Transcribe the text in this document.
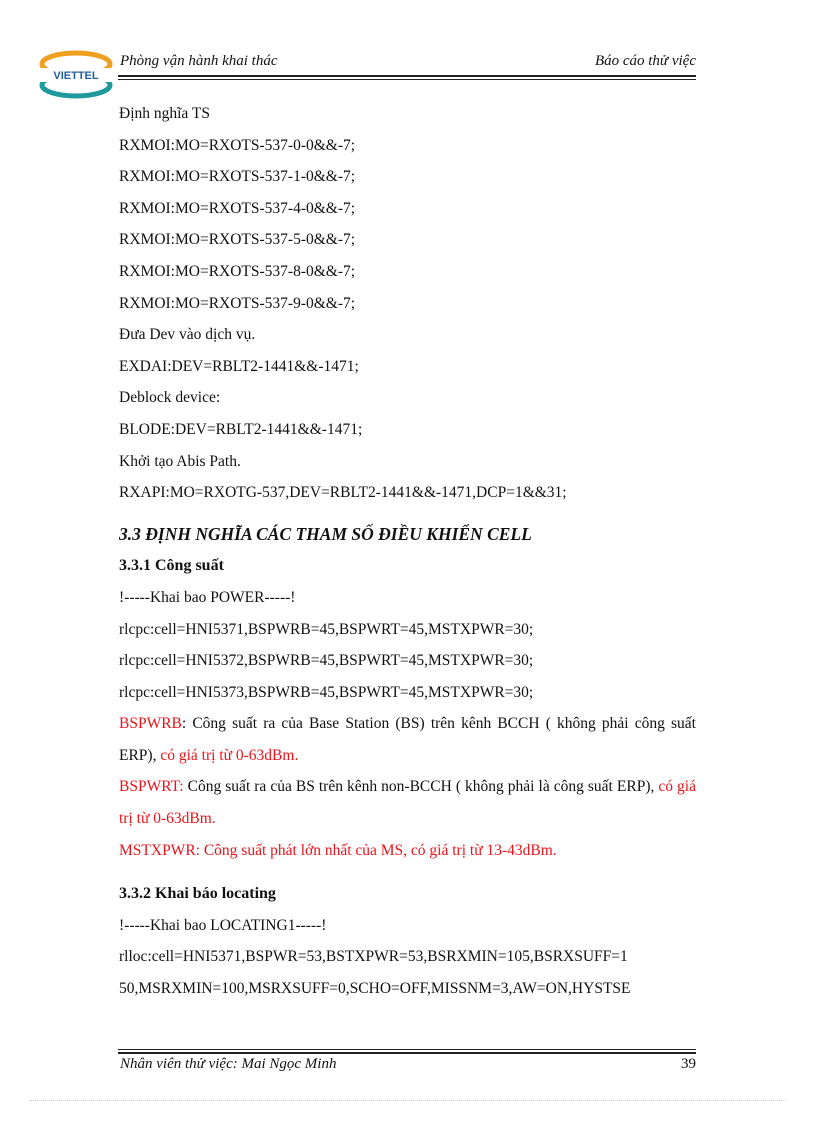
VIETTEL
Phòng vận hành khai thác	Báo cáo thử việc
Định nghĩa TS
RXMOI:MO=RXOTS-537-0-0&&-7;
RXMOI:MO=RXOTS-537-1-0&&-7;
RXMOI:MO=RXOTS-537-4-0&&-7;
RXMOI:MO=RXOTS-537-5-0&&-7;
RXMOI:MO=RXOTS-537-8-0&&-7;
RXMOI:MO=RXOTS-537-9-0&&-7;
Đưa Dev vào dịch vụ.
EXDAI:DEV=RBLT2-1441&&-1471;
Deblock device:
BLODE:DEV=RBLT2-1441&&-1471;
Khởi tạo Abis Path.
RXAPI:MO=RXOTG-537,DEV=RBLT2-1441&&-1471,DCP=1&&31;
3.3 ĐỊNH NGHĨA CÁC THAM SỐ ĐIỀU KHIỂN CELL
3.3.1 Công suất
!-----Khai bao POWER-----!
rlcpc:cell=HNI5371,BSPWRB=45,BSPWRT=45,MSTXPWR=30;
rlcpc:cell=HNI5372,BSPWRB=45,BSPWRT=45,MSTXPWR=30;
rlcpc:cell=HNI5373,BSPWRB=45,BSPWRT=45,MSTXPWR=30;
BSPWRB: Công suất ra của Base Station (BS) trên kênh BCCH ( không phải công suất ERP), có giá trị từ 0-63dBm.
BSPWRT: Công suất ra của BS trên kênh non-BCCH ( không phải là công suất ERP), có giá trị từ 0-63dBm.
MSTXPWR: Công suất phát lớn nhất của MS, có giá trị từ 13-43dBm.
3.3.2 Khai báo locating
!-----Khai bao LOCATING1-----!
rlloc:cell=HNI5371,BSPWR=53,BSTXPWR=53,BSRXMIN=105,BSRXSUFF=1
50,MSRXMIN=100,MSRXSUFF=0,SCHO=OFF,MISSNM=3,AW=ON,HYSTSE
Nhân viên thử việc: Mai Ngọc Minh	39
